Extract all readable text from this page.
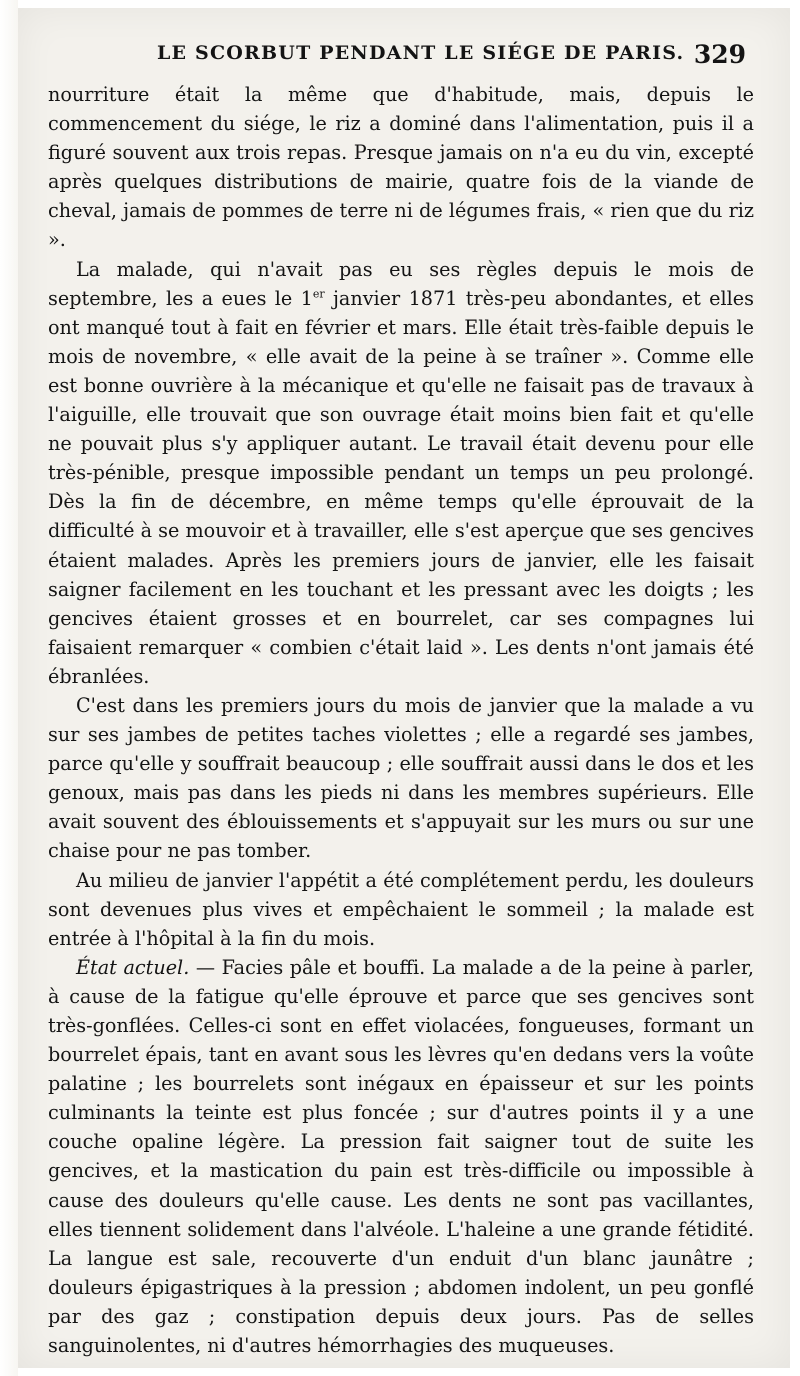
LE SCORBUT PENDANT LE SIÉGE DE PARIS. 329

nourriture était la même que d'habitude, mais, depuis le commencement du siége, le riz a dominé dans l'alimentation, puis il a figuré souvent aux trois repas. Presque jamais on n'a eu du vin, excepté après quelques distributions de mairie, quatre fois de la viande de cheval, jamais de pommes de terre ni de légumes frais, « rien que du riz ».

La malade, qui n'avait pas eu ses règles depuis le mois de septembre, les a eues le 1er janvier 1871 très-peu abondantes, et elles ont manqué tout à fait en février et mars. Elle était très-faible depuis le mois de novembre, « elle avait de la peine à se traîner ». Comme elle est bonne ouvrière à la mécanique et qu'elle ne faisait pas de travaux à l'aiguille, elle trouvait que son ouvrage était moins bien fait et qu'elle ne pouvait plus s'y appliquer autant. Le travail était devenu pour elle très-pénible, presque impossible pendant un temps un peu prolongé. Dès la fin de décembre, en même temps qu'elle éprouvait de la difficulté à se mouvoir et à travailler, elle s'est aperçue que ses gencives étaient malades. Après les premiers jours de janvier, elle les faisait saigner facilement en les touchant et les pressant avec les doigts ; les gencives étaient grosses et en bourrelet, car ses compagnes lui faisaient remarquer « combien c'était laid ». Les dents n'ont jamais été ébranlées.

C'est dans les premiers jours du mois de janvier que la malade a vu sur ses jambes de petites taches violettes ; elle a regardé ses jambes, parce qu'elle y souffrait beaucoup ; elle souffrait aussi dans le dos et les genoux, mais pas dans les pieds ni dans les membres supérieurs. Elle avait souvent des éblouissements et s'appuyait sur les murs ou sur une chaise pour ne pas tomber.

Au milieu de janvier l'appétit a été complétement perdu, les douleurs sont devenues plus vives et empêchaient le sommeil ; la malade est entrée à l'hôpital à la fin du mois.

État actuel. — Facies pâle et bouffi. La malade a de la peine à parler, à cause de la fatigue qu'elle éprouve et parce que ses gencives sont très-gonflées. Celles-ci sont en effet violacées, fongueuses, formant un bourrelet épais, tant en avant sous les lèvres qu'en dedans vers la voûte palatine ; les bourrelets sont inégaux en épaisseur et sur les points culminants la teinte est plus foncée ; sur d'autres points il y a une couche opaline légère. La pression fait saigner tout de suite les gencives, et la mastication du pain est très-difficile ou impossible à cause des douleurs qu'elle cause. Les dents ne sont pas vacillantes, elles tiennent solidement dans l'alvéole. L'haleine a une grande fétidité. La langue est sale, recouverte d'un enduit d'un blanc jaunâtre ; douleurs épigastriques à la pression ; abdomen indolent, un peu gonflé par des gaz ; constipation depuis deux jours. Pas de selles sanguinolentes, ni d'autres hémorrhagies des muqueuses.
